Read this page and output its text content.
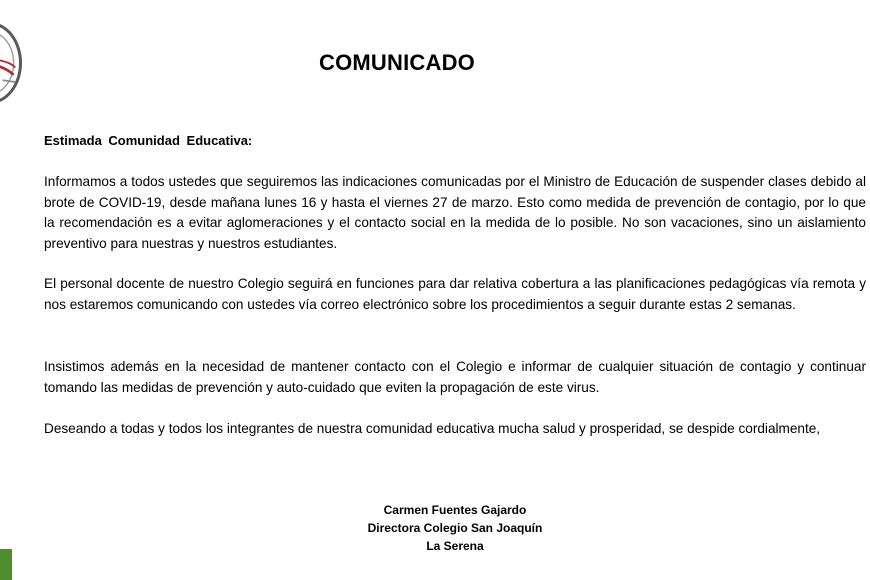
COMUNICADO
Estimada Comunidad Educativa:

Informamos a todos ustedes que seguiremos las indicaciones comunicadas por el Ministro de Educación de suspender clases debido al brote de COVID-19, desde mañana lunes 16 y hasta el viernes 27 de marzo. Esto como medida de prevención de contagio, por lo que la recomendación es a evitar aglomeraciones y el contacto social en la medida de lo posible. No son vacaciones, sino un aislamiento preventivo para nuestras y nuestros estudiantes.

El personal docente de nuestro Colegio seguirá en funciones para dar relativa cobertura a las planificaciones pedagógicas vía remota y nos estaremos comunicando con ustedes vía correo electrónico sobre los procedimientos a seguir durante estas 2 semanas.

Insistimos además en la necesidad de mantener contacto con el Colegio e informar de cualquier situación de contagio y continuar tomando las medidas de prevención y auto-cuidado que eviten la propagación de este virus.

Deseando a todas y todos los integrantes de nuestra comunidad educativa mucha salud y prosperidad, se despide cordialmente,

Carmen Fuentes Gajardo
Directora Colegio San Joaquín
La Serena
